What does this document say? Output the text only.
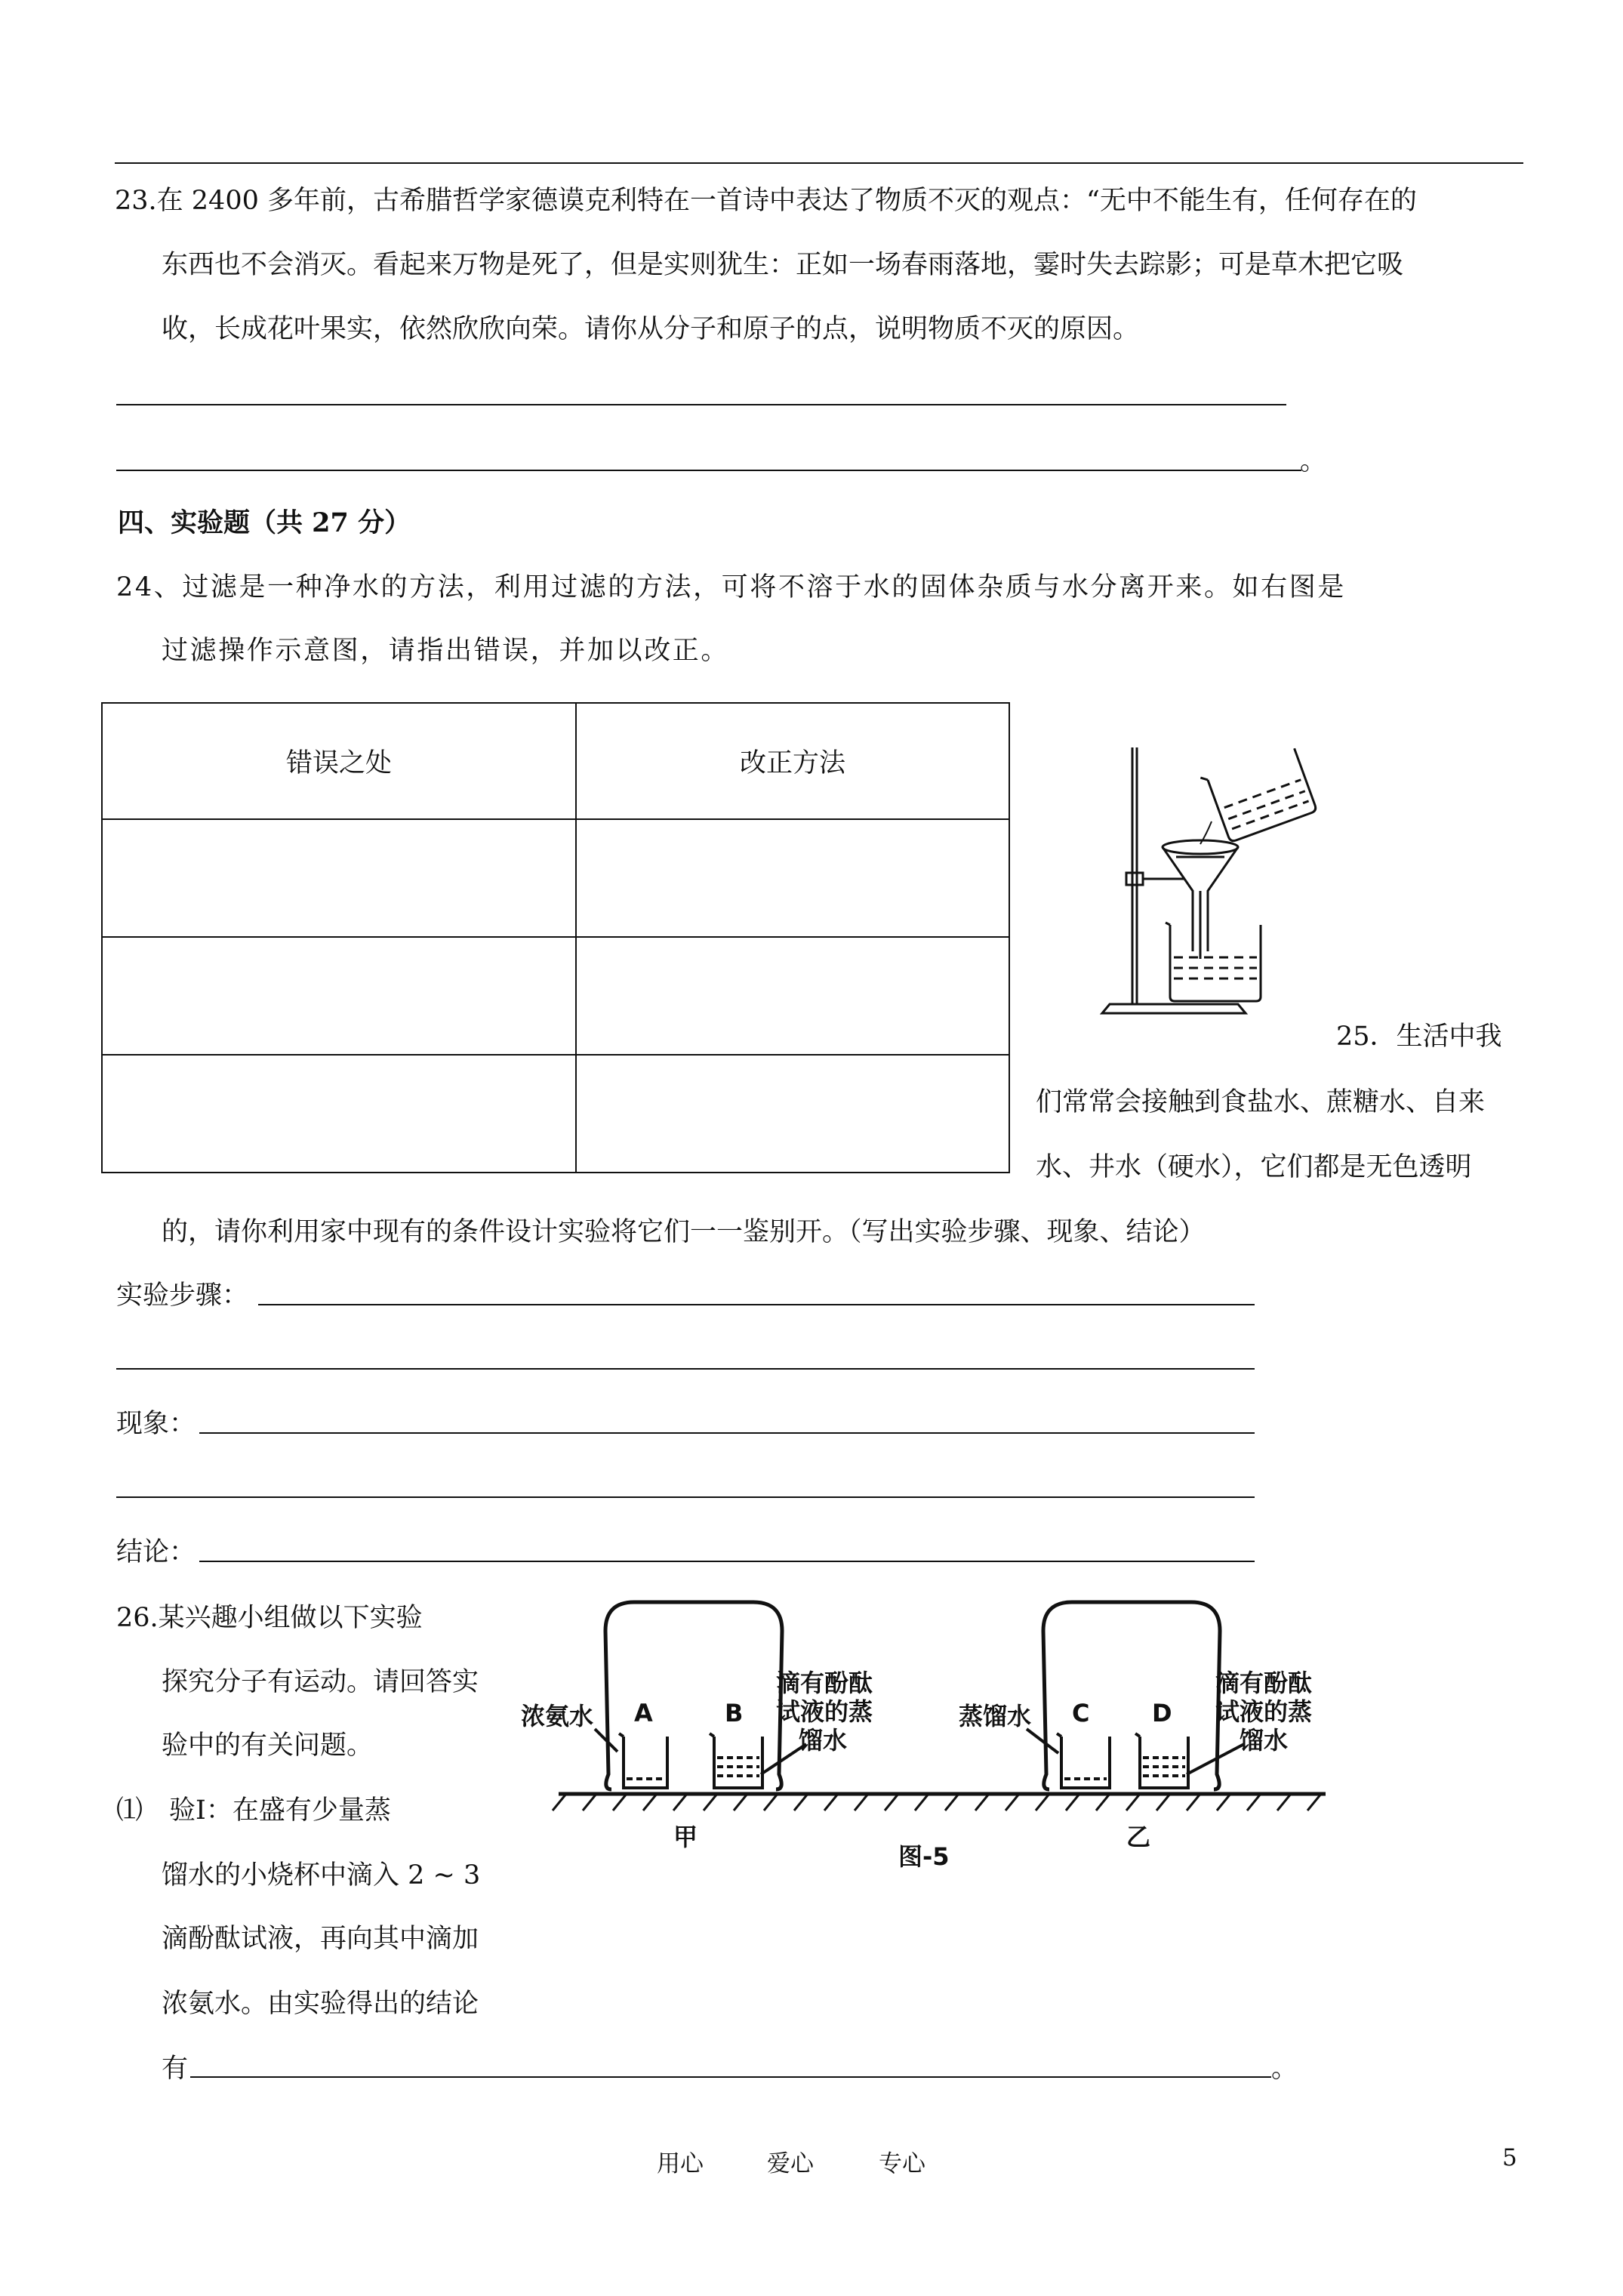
23.在 2400 多年前，古希腊哲学家德谟克利特在一首诗中表达了物质不灭的观点：“无中不能生有，任何存在的
东西也不会消灭。看起来万物是死了，但是实则犹生：正如一场春雨落地，霎时失去踪影；可是草木把它吸
收，长成花叶果实，依然欣欣向荣。请你从分子和原子的点，说明物质不灭的原因。
。
四、实验题（共 27 分）
24、过滤是一种净水的方法，利用过滤的方法，可将不溶于水的固体杂质与水分离开来。如右图是
过滤操作示意图，请指出错误，并加以改正。
错误之处	改正方法

25．生活中我
们常常会接触到食盐水、蔗糖水、自来
水、井水（硬水），它们都是无色透明
的，请你利用家中现有的条件设计实验将它们一一鉴别开。（写出实验步骤、现象、结论）
实验步骤：
现象：
结论：
26.某兴趣小组做以下实验
探究分子有运动。请回答实
验中的有关问题。
⑴　验Ⅰ：在盛有少量蒸
馏水的小烧杯中滴入 2 ~ 3
滴酚酞试液，再向其中滴加
浓氨水。由实验得出的结论
有	。
浓氨水 A	B
滴有酚酞
试液的蒸
馏水
蒸馏水 C	D
滴有酚酞
试液的蒸
馏水
甲
图-5
乙
用心	爱心	专心	5
